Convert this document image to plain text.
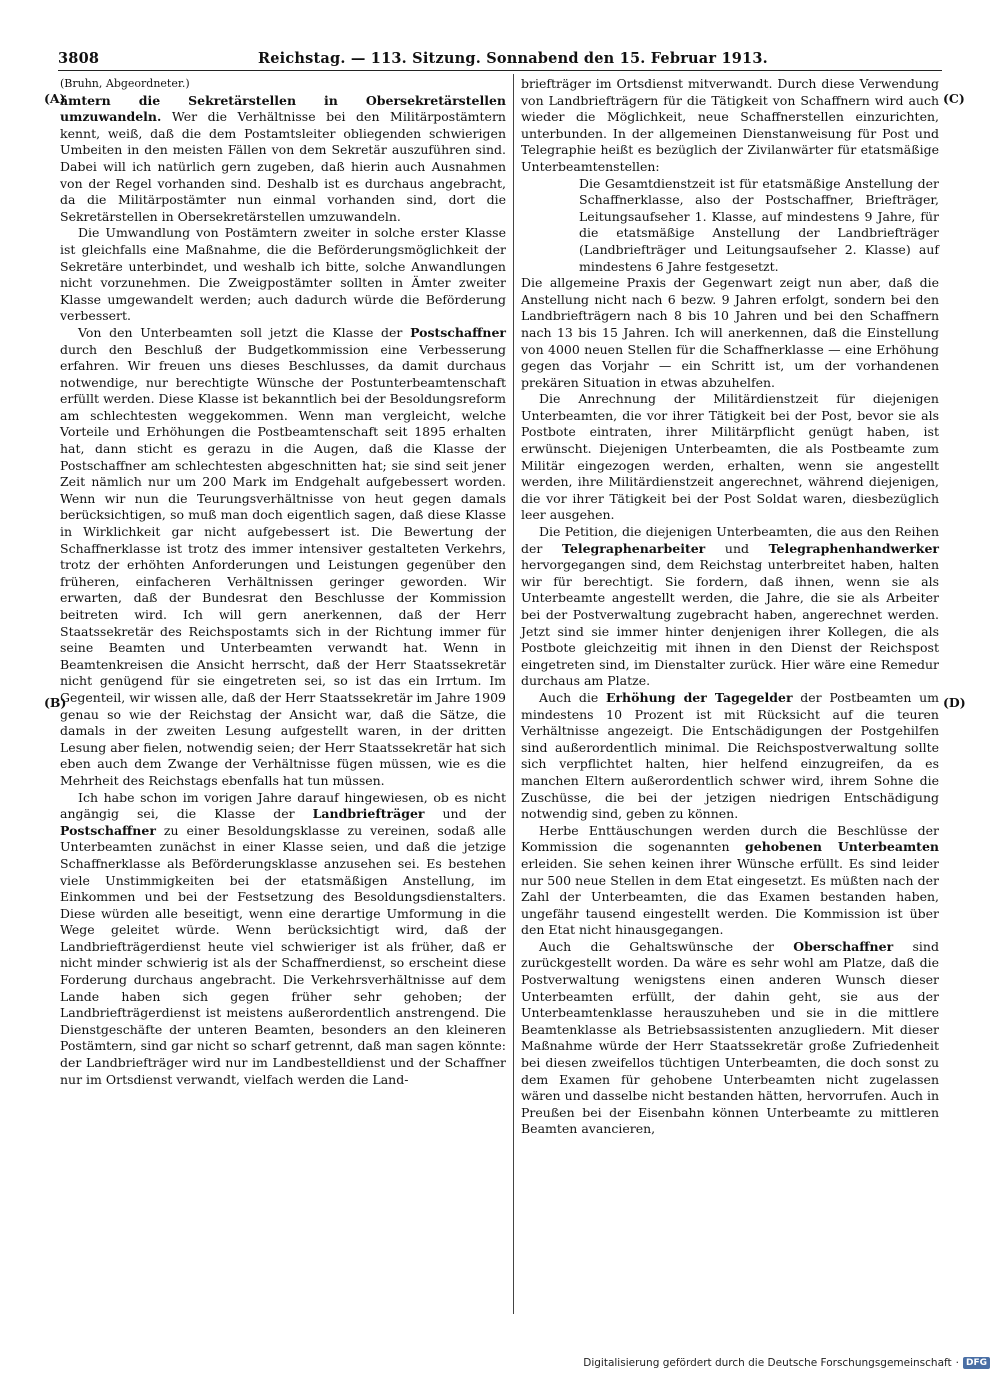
3808	Reichstag. — 113. Sitzung. Sonnabend den 15. Februar 1913.
(A)
(B)
(C)
(D)

(Bruhn, Abgeordneter.)

ämtern die Sekretärstellen in Obersekretärstellen umzuwandeln. Wer die Verhältnisse bei den Militärpostämtern kennt, weiß, daß die dem Postamtsleiter obliegenden schwierigen Umbeiten in den meisten Fällen von dem Sekretär auszuführen sind. Dabei will ich natürlich gern zugeben, daß hierin auch Ausnahmen von der Regel vorhanden sind. Deshalb ist es durchaus angebracht, da die Militärpostämter nun einmal vorhanden sind, dort die Sekretärstellen in Obersekretärstellen umzuwandeln.

Die Umwandlung von Postämtern zweiter in solche erster Klasse ist gleichfalls eine Maßnahme, die die Beförderungsmöglichkeit der Sekretäre unterbindet, und weshalb ich bitte, solche Anwandlungen nicht vorzunehmen. Die Zweigpostämter sollten in Ämter zweiter Klasse umgewandelt werden; auch dadurch würde die Beförderung verbessert.

Von den Unterbeamten soll jetzt die Klasse der Postschaffner durch den Beschluß der Budgetkommission eine Verbesserung erfahren. Wir freuen uns dieses Beschlusses, da damit durchaus notwendige, nur berechtigte Wünsche der Postunterbeamtenschaft erfüllt werden. Diese Klasse ist bekanntlich bei der Besoldungsreform am schlechtesten weggekommen. Wenn man vergleicht, welche Vorteile und Erhöhungen die Postbeamtenschaft seit 1895 erhalten hat, dann sticht es gerazu in die Augen, daß die Klasse der Postschaffner am schlechtesten abgeschnitten hat; sie sind seit jener Zeit nämlich nur um 200 Mark im Endgehalt aufgebessert worden. Wenn wir nun die Teurungsverhältnisse von heut gegen damals berücksichtigen, so muß man doch eigentlich sagen, daß diese Klasse in Wirklichkeit gar nicht aufgebessert ist. Die Bewertung der Schaffnerklasse ist trotz des immer intensiver gestalteten Verkehrs, trotz der erhöhten Anforderungen und Leistungen gegenüber den früheren, einfacheren Verhältnissen geringer geworden. Wir erwarten, daß der Bundesrat den Beschlusse der Kommission beitreten wird. Ich will gern anerkennen, daß der Herr Staatssekretär des Reichspostamts sich in der Richtung immer für seine Beamten und Unterbeamten verwandt hat. Wenn in Beamtenkreisen die Ansicht herrscht, daß der Herr Staatssekretär nicht genügend für sie eingetreten sei, so ist das ein Irrtum. Im Gegenteil, wir wissen alle, daß der Herr Staatssekretär im Jahre 1909 genau so wie der Reichstag der Ansicht war, daß die Sätze, die damals in der zweiten Lesung aufgestellt waren, in der dritten Lesung aber fielen, notwendig seien; der Herr Staatssekretär hat sich eben auch dem Zwange der Verhältnisse fügen müssen, wie es die Mehrheit des Reichstags ebenfalls hat tun müssen.

Ich habe schon im vorigen Jahre darauf hingewiesen, ob es nicht angängig sei, die Klasse der Landbriefträger und der Postschaffner zu einer Besoldungsklasse zu vereinen, sodaß alle Unterbeamten zunächst in einer Klasse seien, und daß die jetzige Schaffnerklasse als Beförderungsklasse anzusehen sei. Es bestehen viele Unstimmigkeiten bei der etatsmäßigen Anstellung, im Einkommen und bei der Festsetzung des Besoldungsdienstalters. Diese würden alle beseitigt, wenn eine derartige Umformung in die Wege geleitet würde. Wenn berücksichtigt wird, daß der Landbriefträgerdienst heute viel schwieriger ist als früher, daß er nicht minder schwierig ist als der Schaffnerdienst, so erscheint diese Forderung durchaus angebracht. Die Verkehrsverhältnisse auf dem Lande haben sich gegen früher sehr gehoben; der Landbriefträgerdienst ist meistens außerordentlich anstrengend. Die Dienstgeschäfte der unteren Beamten, besonders an den kleineren Postämtern, sind gar nicht so scharf getrennt, daß man sagen könnte: der Landbriefträger wird nur im Landbestelldienst und der Schaffner nur im Ortsdienst verwandt, vielfach werden die Land-

briefträger im Ortsdienst mitverwandt. Durch diese Verwendung von Landbriefträgern für die Tätigkeit von Schaffnern wird auch wieder die Möglichkeit, neue Schaffnerstellen einzurichten, unterbunden. In der allgemeinen Dienstanweisung für Post und Telegraphie heißt es bezüglich der Zivilanwärter für etatsmäßige Unterbeamtenstellen:

Die Gesamtdienstzeit ist für etatsmäßige Anstellung der Schaffnerklasse, also der Postschaffner, Briefträger, Leitungsaufseher 1. Klasse, auf mindestens 9 Jahre, für die etatsmäßige Anstellung der Landbriefträger (Landbriefträger und Leitungsaufseher 2. Klasse) auf mindestens 6 Jahre festgesetzt.

Die allgemeine Praxis der Gegenwart zeigt nun aber, daß die Anstellung nicht nach 6 bezw. 9 Jahren erfolgt, sondern bei den Landbriefträgern nach 8 bis 10 Jahren und bei den Schaffnern nach 13 bis 15 Jahren. Ich will anerkennen, daß die Einstellung von 4000 neuen Stellen für die Schaffnerklasse — eine Erhöhung gegen das Vorjahr — ein Schritt ist, um der vorhandenen prekären Situation in etwas abzuhelfen.

Die Anrechnung der Militärdienstzeit für diejenigen Unterbeamten, die vor ihrer Tätigkeit bei der Post, bevor sie als Postbote eintraten, ihrer Militärpflicht genügt haben, ist erwünscht. Diejenigen Unterbeamten, die als Postbeamte zum Militär eingezogen werden, erhalten, wenn sie angestellt werden, ihre Militärdienstzeit angerechnet, während diejenigen, die vor ihrer Tätigkeit bei der Post Soldat waren, diesbezüglich leer ausgehen.

Die Petition, die diejenigen Unterbeamten, die aus den Reihen der Telegraphenarbeiter und Telegraphenhandwerker hervorgegangen sind, dem Reichstag unterbreitet haben, halten wir für berechtigt. Sie fordern, daß ihnen, wenn sie als Unterbeamte angestellt werden, die Jahre, die sie als Arbeiter bei der Postverwaltung zugebracht haben, angerechnet werden. Jetzt sind sie immer hinter denjenigen ihrer Kollegen, die als Postbote gleichzeitig mit ihnen in den Dienst der Reichspost eingetreten sind, im Dienstalter zurück. Hier wäre eine Remedur durchaus am Platze.

Auch die Erhöhung der Tagegelder der Postbeamten um mindestens 10 Prozent ist mit Rücksicht auf die teuren Verhältnisse angezeigt. Die Entschädigungen der Postgehilfen sind außerordentlich minimal. Die Reichspostverwaltung sollte sich verpflichtet halten, hier helfend einzugreifen, da es manchen Eltern außerordentlich schwer wird, ihrem Sohne die Zuschüsse, die bei der jetzigen niedrigen Entschädigung notwendig sind, geben zu können.

Herbe Enttäuschungen werden durch die Beschlüsse der Kommission die sogenannten gehobenen Unterbeamten erleiden. Sie sehen keinen ihrer Wünsche erfüllt. Es sind leider nur 500 neue Stellen in dem Etat eingesetzt. Es müßten nach der Zahl der Unterbeamten, die das Examen bestanden haben, ungefähr tausend eingestellt werden. Die Kommission ist über den Etat nicht hinausgegangen.

Auch die Gehaltswünsche der Oberschaffner sind zurückgestellt worden. Da wäre es sehr wohl am Platze, daß die Postverwaltung wenigstens einen anderen Wunsch dieser Unterbeamten erfüllt, der dahin geht, sie aus der Unterbeamtenklasse herauszuheben und sie in die mittlere Beamtenklasse als Betriebsassistenten anzugliedern. Mit dieser Maßnahme würde der Herr Staatssekretär große Zufriedenheit bei diesen zweifellos tüchtigen Unterbeamten, die doch sonst zu dem Examen für gehobene Unterbeamten nicht zugelassen wären und dasselbe nicht bestanden hätten, hervorrufen. Auch in Preußen bei der Eisenbahn können Unterbeamte zu mittleren Beamten avancieren,

Digitalisierung gefördert durch die Deutsche Forschungsgemeinschaft · DFG
